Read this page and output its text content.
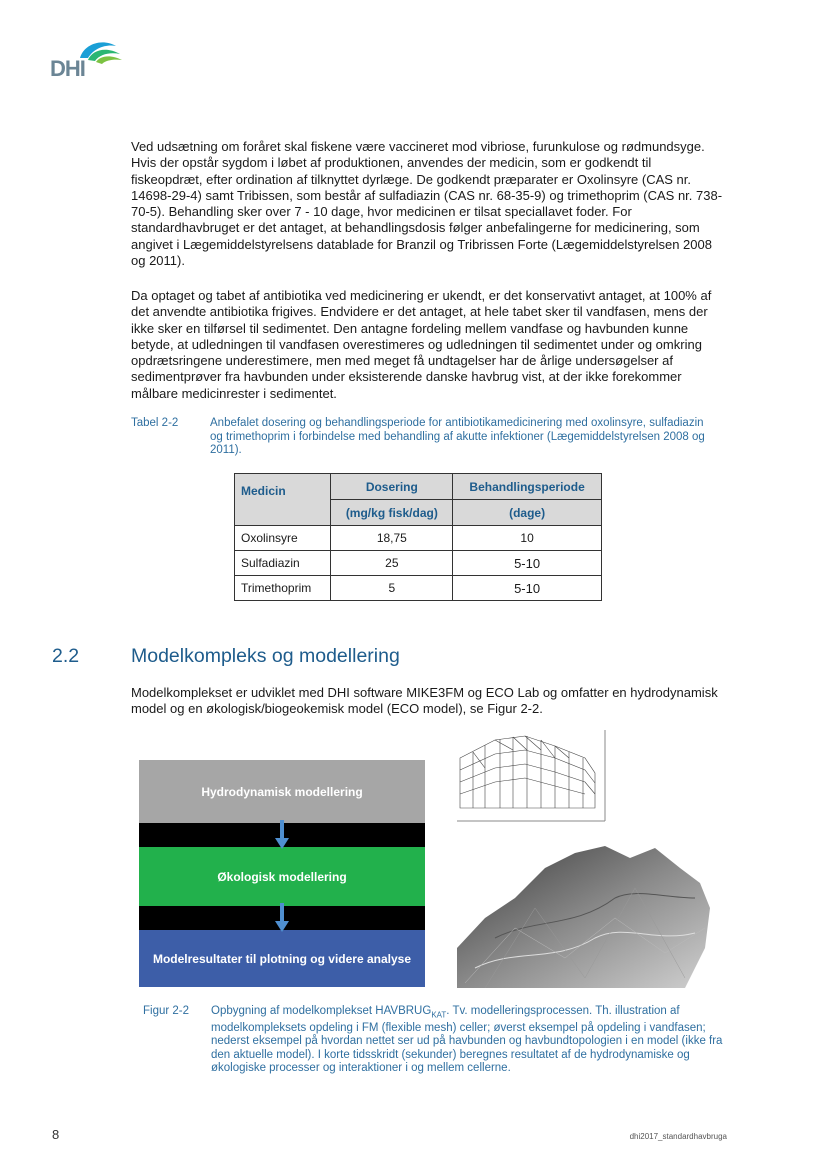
DHI
Ved udsætning om foråret skal fiskene være vaccineret mod vibriose, furunkulose og rødmundsyge. Hvis der opstår sygdom i løbet af produktionen, anvendes der medicin, som er godkendt til fiskeopdræt, efter ordination af tilknyttet dyrlæge. De godkendt præparater er Oxolinsyre (CAS nr. 14698-29-4) samt Tribissen, som består af sulfadiazin (CAS nr. 68-35-9) og trimethoprim (CAS nr. 738-70-5). Behandling sker over 7 - 10 dage, hvor medicinen er tilsat speciallavet foder. For standardhavbruget er det antaget, at behandlingsdosis følger anbefalingerne for medicinering, som angivet i Lægemiddelstyrelsens datablade for Branzil og Tribrissen Forte (Lægemiddelstyrelsen 2008 og 2011).
Da optaget og tabet af antibiotika ved medicinering er ukendt, er det konservativt antaget, at 100% af det anvendte antibiotika frigives. Endvidere er det antaget, at hele tabet sker til vandfasen, mens der ikke sker en tilførsel til sedimentet. Den antagne fordeling mellem vandfase og havbunden kunne betyde, at udledningen til vandfasen overestimeres og udledningen til sedimentet under og omkring opdrætsringene underestimere, men med meget få undtagelser har de årlige undersøgelser af sedimentprøver fra havbunden under eksisterende danske havbrug vist, at der ikke forekommer målbare medicinrester i sedimentet.
Tabel 2-2	Anbefalet dosering og behandlingsperiode for antibiotikamedicinering med oxolinsyre, sulfadiazin og trimethoprim i forbindelse med behandling af akutte infektioner (Lægemiddelstyrelsen 2008 og 2011).
Medicin	Dosering	Behandlingsperiode
	(mg/kg fisk/dag)	(dage)
Oxolinsyre	18,75	10
Sulfadiazin	25	5-10
Trimethoprim	5	5-10
2.2	Modelkompleks og modellering
Modelkomplekset er udviklet med DHI software MIKE3FM og ECO Lab og omfatter en hydrodynamisk model og en økologisk/biogeokemisk model (ECO model), se Figur 2-2.
Hydrodynamisk modellering
Økologisk modellering
Modelresultater til plotning og videre analyse
Figur 2-2 Opbygning af modelkomplekset $HAVBRUG_{KAT}$. Tv. modelleringsprocessen. Th. illustration af modelkompleksets opdeling i FM (flexible mesh) celler; øverst eksempel på opdeling i vandfasen; nederst eksempel på hvordan nettet ser ud på havbunden og havbundtopologien i en model (ikke fra den aktuelle model). I korte tidsskridt (sekunder) beregnes resultatet af de hydrodynamiske og økologiske processer og interaktioner i og mellem cellerne.
8	dhi2017_standardhavbruga
